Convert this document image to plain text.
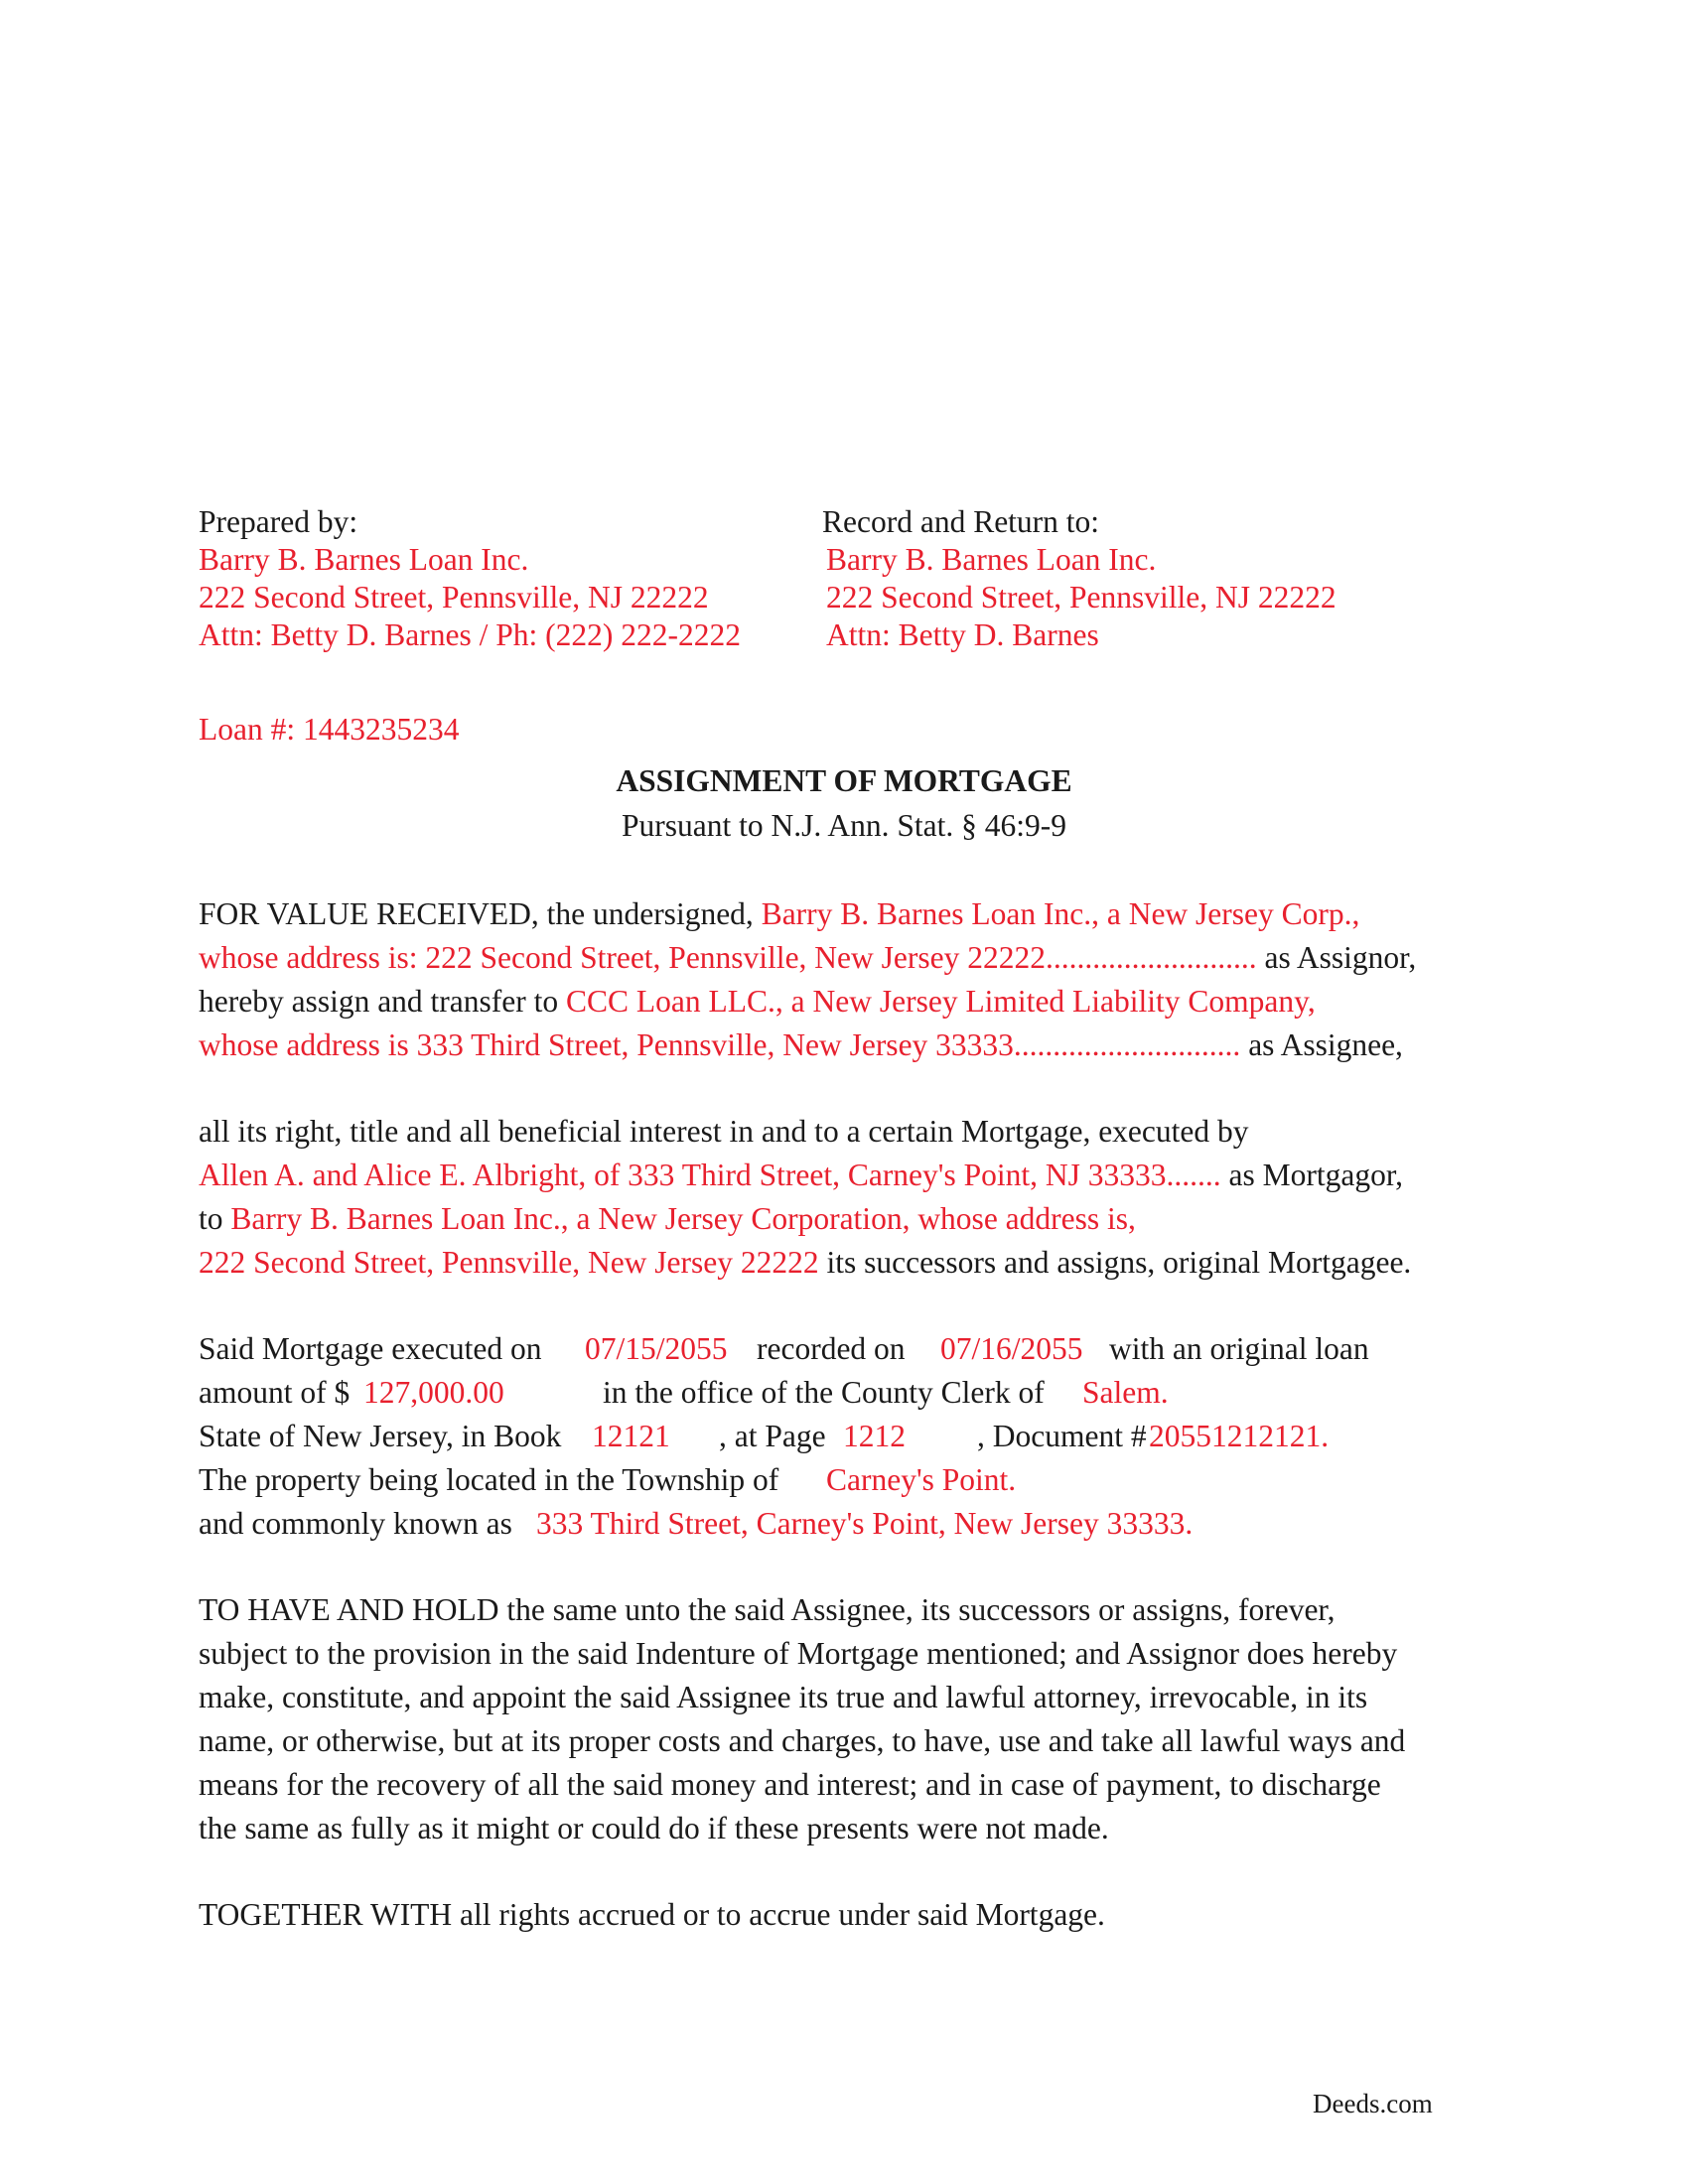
Prepared by:
Barry B. Barnes Loan Inc.
222 Second Street, Pennsville, NJ 22222
Attn: Betty D. Barnes / Ph: (222) 222-2222
Record and Return to:
Barry B. Barnes Loan Inc.
222 Second Street, Pennsville, NJ 22222
Attn: Betty D. Barnes
Loan #: 1443235234
ASSIGNMENT OF MORTGAGE
Pursuant to N.J. Ann. Stat. § 46:9-9
FOR VALUE RECEIVED, the undersigned, Barry B. Barnes Loan Inc., a New Jersey Corp.,
whose address is: 222 Second Street, Pennsville, New Jersey 22222........................... as Assignor,
hereby assign and transfer to CCC Loan LLC., a New Jersey Limited Liability Company,
whose address is 333 Third Street, Pennsville, New Jersey 33333............................. as Assignee,
all its right, title and all beneficial interest in and to a certain Mortgage, executed by
Allen A. and Alice E. Albright, of 333 Third Street, Carney's Point, NJ 33333....... as Mortgagor,
to Barry B. Barnes Loan Inc., a New Jersey Corporation, whose address is,
222 Second Street, Pennsville, New Jersey 22222 its successors and assigns, original Mortgagee.
Said Mortgage executed on 07/15/2055 recorded on 07/16/2055 with an original loan
amount of $ 127,000.00	in the office of the County Clerk of Salem.
State of New Jersey, in Book 12121 , at Page 1212 , Document # 20551212121.
The property being located in the Township of Carney's Point.
and commonly known as 333 Third Street, Carney's Point, New Jersey 33333.
TO HAVE AND HOLD the same unto the said Assignee, its successors or assigns, forever,
subject to the provision in the said Indenture of Mortgage mentioned; and Assignor does hereby
make, constitute, and appoint the said Assignee its true and lawful attorney, irrevocable, in its
name, or otherwise, but at its proper costs and charges, to have, use and take all lawful ways and
means for the recovery of all the said money and interest; and in case of payment, to discharge
the same as fully as it might or could do if these presents were not made.
TOGETHER WITH all rights accrued or to accrue under said Mortgage.
Deeds.com
